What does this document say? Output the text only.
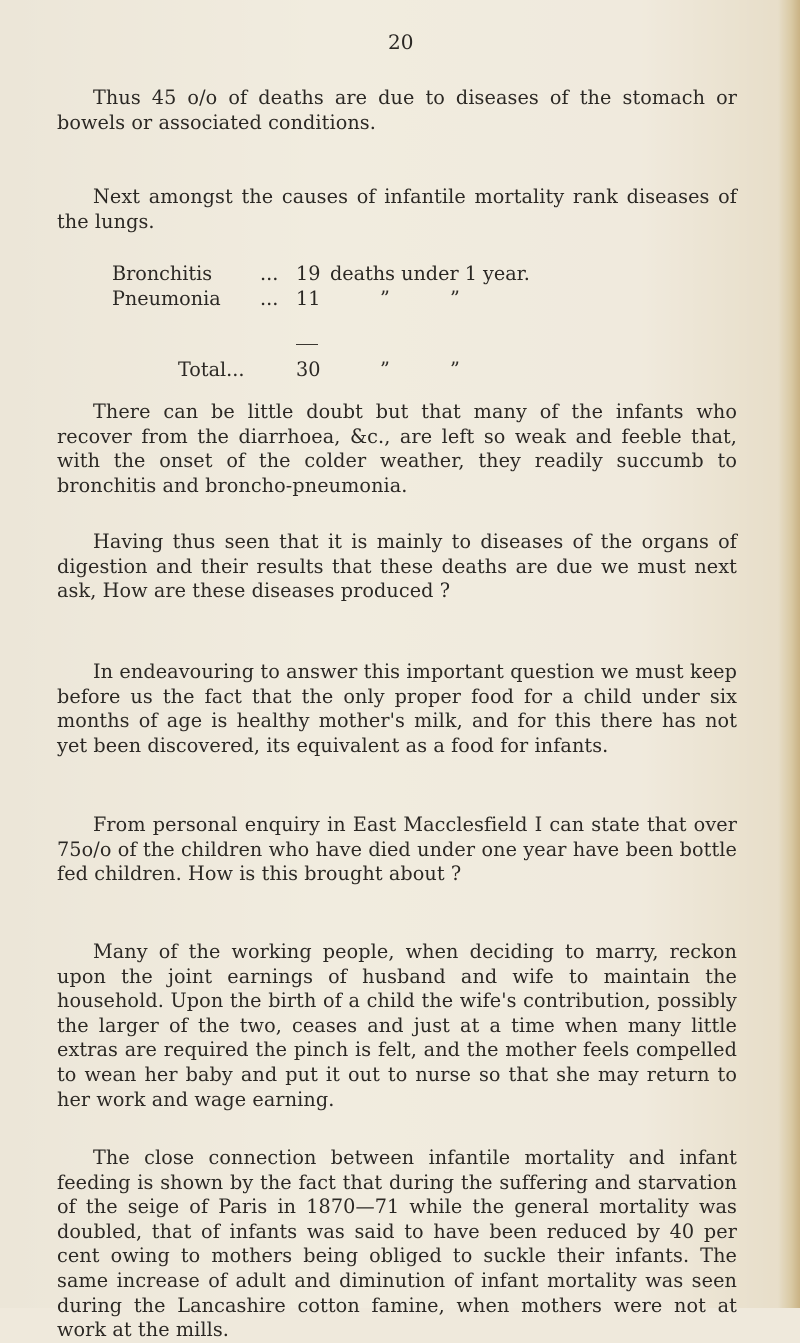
20

Thus 45 o/o of deaths are due to diseases of the stomach or bowels or associated conditions.

Next amongst the causes of infantile mortality rank diseases of the lungs.

Bronchitis ... 19 deaths under 1 year.
Pneumonia ... 11	”	”
Total...	30	”	”

There can be little doubt but that many of the infants who recover from the diarrhoea, &c., are left so weak and feeble that, with the onset of the colder weather, they readily succumb to bronchitis and broncho-pneumonia.

Having thus seen that it is mainly to diseases of the organs of digestion and their results that these deaths are due we must next ask, How are these diseases produced ?

In endeavouring to answer this important question we must keep before us the fact that the only proper food for a child under six months of age is healthy mother's milk, and for this there has not yet been discovered, its equivalent as a food for infants.

From personal enquiry in East Macclesfield I can state that over 75o/o of the children who have died under one year have been bottle fed children. How is this brought about ?

Many of the working people, when deciding to marry, reckon upon the joint earnings of husband and wife to maintain the household. Upon the birth of a child the wife's contribution, possibly the larger of the two, ceases and just at a time when many little extras are required the pinch is felt, and the mother feels compelled to wean her baby and put it out to nurse so that she may return to her work and wage earning.

The close connection between infantile mortality and infant feeding is shown by the fact that during the suffering and starvation of the seige of Paris in 1870—71 while the general mortality was doubled, that of infants was said to have been reduced by 40 per cent owing to mothers being obliged to suckle their infants. The same increase of adult and diminution of infant mortality was seen during the Lancashire cotton famine, when mothers were not at work at the mills.
